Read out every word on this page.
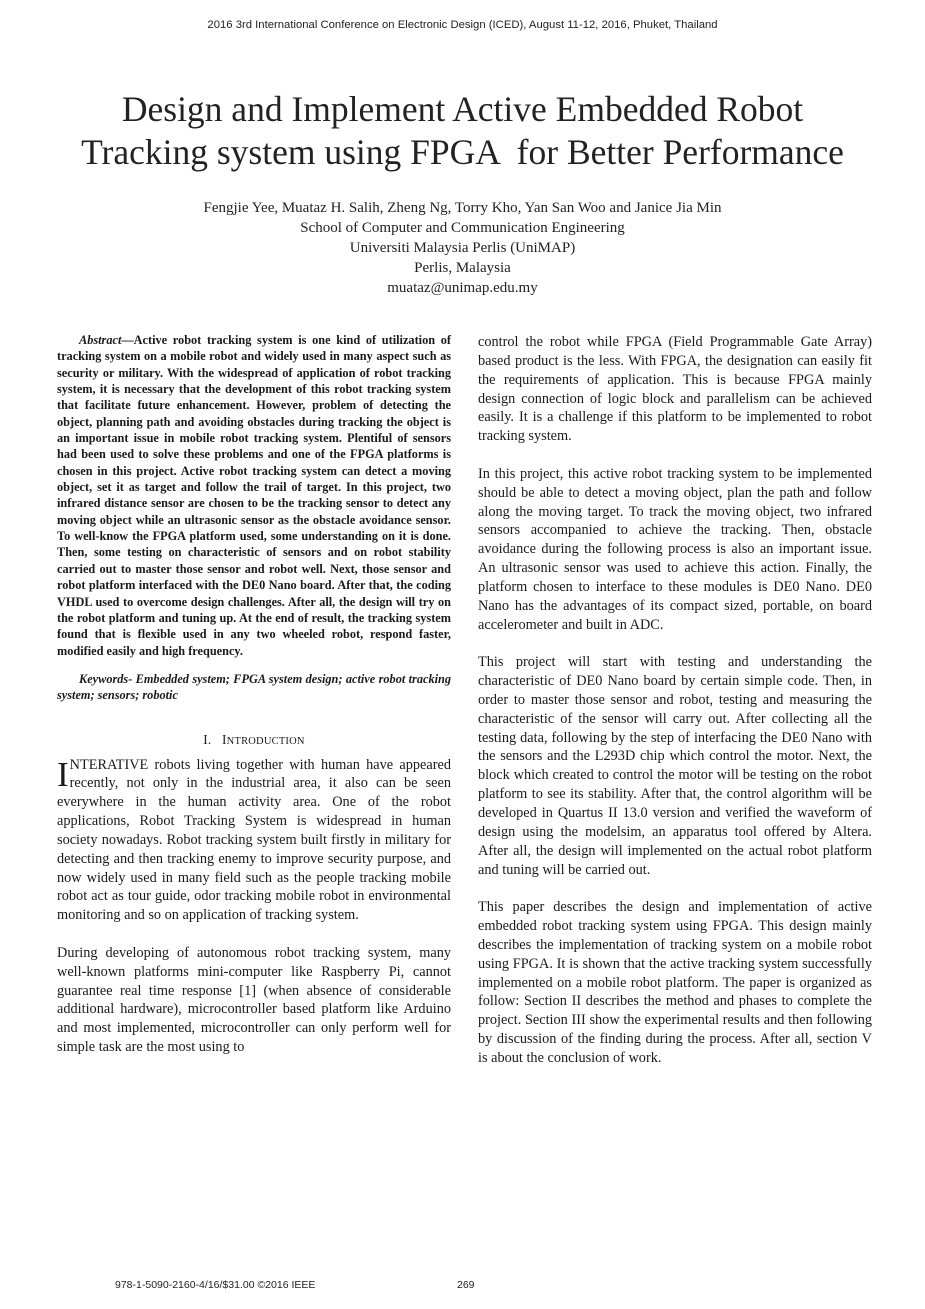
2016 3rd International Conference on Electronic Design (ICED), August 11-12, 2016, Phuket, Thailand
Design and Implement Active Embedded Robot
Tracking system using FPGA  for Better Performance
Fengjie Yee, Muataz H. Salih, Zheng Ng, Torry Kho, Yan San Woo and Janice Jia Min
School of Computer and Communication Engineering
Universiti Malaysia Perlis (UniMAP)
Perlis, Malaysia
muataz@unimap.edu.my

Abstract—Active robot tracking system is one kind of utilization of tracking system on a mobile robot and widely used in many aspect such as security or military. With the widespread of application of robot tracking system, it is necessary that the development of this robot tracking system that facilitate future enhancement. However, problem of detecting the object, planning path and avoiding obstacles during tracking the object is an important issue in mobile robot tracking system. Plentiful of sensors had been used to solve these problems and one of the FPGA platforms is chosen in this project. Active robot tracking system can detect a moving object, set it as target and follow the trail of target. In this project, two infrared distance sensor are chosen to be the tracking sensor to detect any moving object while an ultrasonic sensor as the obstacle avoidance sensor. To well-know the FPGA platform used, some understanding on it is done. Then, some testing on characteristic of sensors and on robot stability carried out to master those sensor and robot well. Next, those sensor and robot platform interfaced with the DE0 Nano board. After that, the coding VHDL used to overcome design challenges. After all, the design will try on the robot platform and tuning up. At the end of result, the tracking system found that is flexible used in any two wheeled robot, respond faster, modified easily and high frequency.

Keywords- Embedded system; FPGA system design; active robot tracking system; sensors; robotic

I. INTRODUCTION

INTERATIVE robots living together with human have appeared recently, not only in the industrial area, it also can be seen everywhere in the human activity area. One of the robot applications, Robot Tracking System is widespread in human society nowadays. Robot tracking system built firstly in military for detecting and then tracking enemy to improve security purpose, and now widely used in many field such as the people tracking mobile robot act as tour guide, odor tracking mobile robot in environmental monitoring and so on application of tracking system.

During developing of autonomous robot tracking system, many well-known platforms mini-computer like Raspberry Pi, cannot guarantee real time response [1] (when absence of considerable additional hardware), microcontroller based platform like Arduino and most implemented, microcontroller can only perform well for simple task are the most using to

control the robot while FPGA (Field Programmable Gate Array) based product is the less. With FPGA, the designation can easily fit the requirements of application. This is because FPGA mainly design connection of logic block and parallelism can be achieved easily. It is a challenge if this platform to be implemented to robot tracking system.

In this project, this active robot tracking system to be implemented should be able to detect a moving object, plan the path and follow along the moving target. To track the moving object, two infrared sensors accompanied to achieve the tracking. Then, obstacle avoidance during the following process is also an important issue. An ultrasonic sensor was used to achieve this action. Finally, the platform chosen to interface to these modules is DE0 Nano. DE0 Nano has the advantages of its compact sized, portable, on board accelerometer and built in ADC.

This project will start with testing and understanding the characteristic of DE0 Nano board by certain simple code. Then, in order to master those sensor and robot, testing and measuring the characteristic of the sensor will carry out. After collecting all the testing data, following by the step of interfacing the DE0 Nano with the sensors and the L293D chip which control the motor. Next, the block which created to control the motor will be testing on the robot platform to see its stability. After that, the control algorithm will be developed in Quartus II 13.0 version and verified the waveform of design using the modelsim, an apparatus tool offered by Altera. After all, the design will implemented on the actual robot platform and tuning will be carried out.

This paper describes the design and implementation of active embedded robot tracking system using FPGA. This design mainly describes the implementation of tracking system on a mobile robot using FPGA. It is shown that the active tracking system successfully implemented on a mobile robot platform. The paper is organized as follow: Section II describes the method and phases to complete the project. Section III show the experimental results and then following by discussion of the finding during the process. After all, section V is about the conclusion of work.

978-1-5090-2160-4/16/$31.00 ©2016 IEEE	269
